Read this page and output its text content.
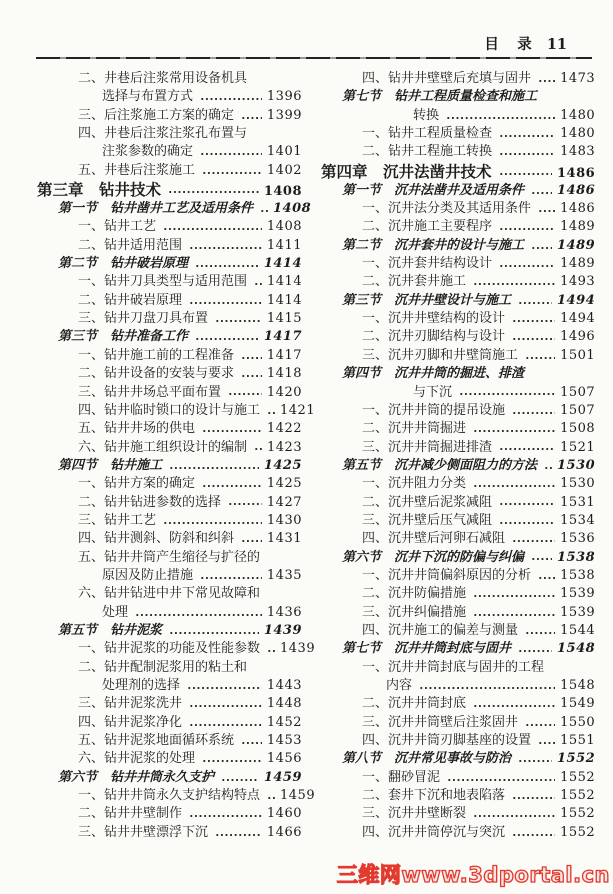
目　录 11
二、井巷后注浆常用设备机具
选择与布置方式	1396
三、后注浆施工方案的确定	1399
四、井巷后注浆注浆孔布置与
注浆参数的确定	1401
五、井巷后注浆施工	1402
第三章　钻井技术	1408
第一节　钻井凿井工艺及适用条件 1408
一、钻井工艺	1408
二、钻井适用范围	1411
第二节　钻井破岩原理	1414
一、钻井刀具类型与适用范围 1414
二、钻井破岩原理	1414
三、钻井刀盘刀具布置	1415
第三节　钻井准备工作	1417
一、钻井施工前的工程准备	1417
二、钻井设备的安装与要求	1418
三、钻井井场总平面布置	1420
四、钻井临时锁口的设计与施工 1421
五、钻井井场的供电	1422
六、钻井施工组织设计的编制 1423
第四节　钻井施工	1425
一、钻井方案的确定	1425
二、钻井钻进参数的选择	1427
三、钻井工艺	1430
四、钻井测斜、防斜和纠斜	1431
五、钻井井筒产生缩径与扩径的
原因及防止措施	1435
六、钻井钻进中井下常见故障和
处理	1436
第五节　钻井泥浆	1439
一、钻井泥浆的功能及性能参数 1439
二、钻井配制泥浆用的粘土和
处理剂的选择	1443
三、钻井泥浆洗井	1448
四、钻井泥浆净化	1452
五、钻井泥浆地面循环系统	1453
六、钻井泥浆的处理	1456
第六节　钻井井筒永久支护	1459
一、钻井井筒永久支护结构特点 1459
二、钻井井壁制作	1460
三、钻井井壁漂浮下沉	1466
四、钻井井壁壁后充填与固井 1473
第七节　钻井工程质量检查和施工
转换	1480
一、钻井工程质量检查	1480
二、钻井工程施工转换	1483
第四章　沉井法凿井技术	1486
第一节　沉井法凿井及适用条件	1486
一、沉井法分类及其适用条件 1486
二、沉井施工主要程序	1489
第二节　沉井套井的设计与施工	1489
一、沉井套井结构设计	1489
二、沉井套井施工	1493
第三节　沉井井壁设计与施工	1494
一、沉井井壁结构的设计	1494
二、沉井刃脚结构与设计	1496
三、沉井刃脚和井壁筒施工	1501
第四节　沉井井筒的掘进、排渣
与下沉	1507
一、沉井井筒的提吊设施	1507
二、沉井井筒掘进	1508
三、沉井井筒掘进排渣	1521
第五节　沉井减少侧面阻力的方法 1530
一、沉井阻力分类	1530
二、沉井壁后泥浆减阻	1531
三、沉井壁后压气减阻	1534
四、沉井壁后河卵石减阻	1536
第六节　沉井下沉的防偏与纠偏	1538
一、沉井井筒偏斜原因的分析 1538
二、沉井防偏措施	1539
三、沉井纠偏措施	1539
四、沉井施工的偏差与测量	1544
第七节　沉井井筒封底与固井	1548
一、沉井井筒封底与固井的工程
内容	1548
二、沉井井筒封底	1549
三、沉井井筒壁后注浆固井	1550
四、沉井井筒刃脚基座的设置 1551
第八节　沉井常见事故与防治	1552
一、翻砂冒泥	1552
二、套井下沉和地表陷落	1552
三、沉井井壁断裂	1552
四、沉井井筒停沉与突沉	1552
三维网www.3dportal.cn
